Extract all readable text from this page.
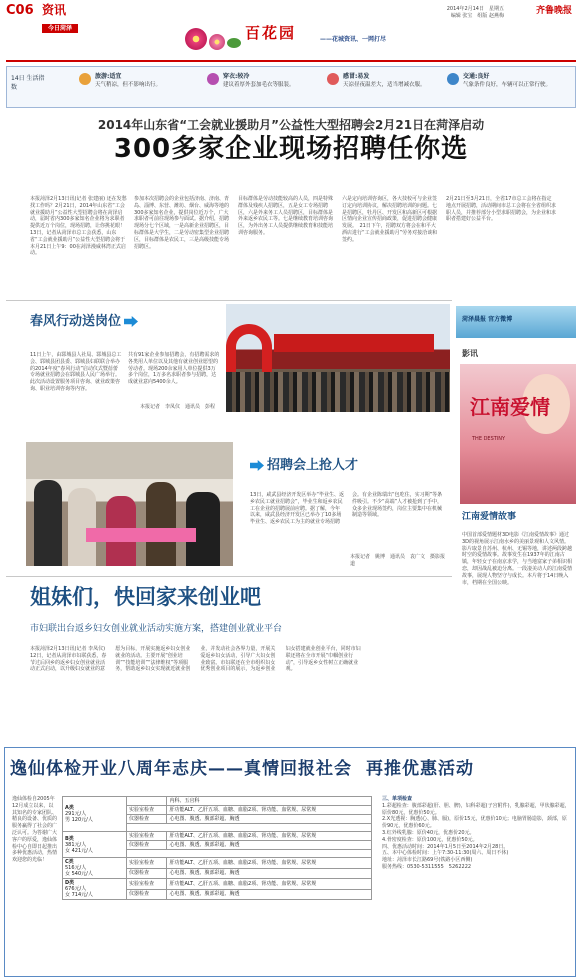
C06 资讯
今日菏泽
2014年2月14日　星期五
编辑 张宝　组版 赵燕梅	齐鲁晚报
百花园	——花城资讯、一网打尽
14日 生活指数
旅游:适宜
天气稍凉，但不影响出行。
穿衣:较冷
建议着厚外套加毛衣等服装。
感冒:易发
天凉昼夜温差大，适当增减衣服。
交通:良好
气象条件良好，车辆可以正常行驶。
2014年山东省“工会就业援助月”公益性大型招聘会2月21日在菏泽启动
300多家企业现场招聘任你选
本报菏泽2月13日讯(记者 张建丽) 还在发愁找工作吗？2月21日，2014年山东省“工会就业援助月”公益性大型招聘会将在菏泽启动，届时省内300多家知名企业将为求职者提供近万个岗位，现场招聘，让你挑花眼！　13日，记者从菏泽市总工会获悉，山东省“工会就业援助月”公益性大型招聘会将于本月21日上午9：00在菏泽漫威林湾正式启动。
参加本次招聘会的企业包括济南、济南、青岛、淄博、东营、潍坊、烟台、威海等地的300多家知名企业，提供岗位近万个，广大求职者可前往现场参与面试。据介绍，招聘现场分七个区域，一是高新企业招聘区，目标群体是大学生，二是劳动密集型企业招聘区，目标群体是农民工，三是高级技能专场招聘区。
目标群体是劳动技能较高的人员，四是特殊群体及残疾人招聘区，五是女工专场招聘区，六是外来务工人员招聘区，目标群体是外来返乡农民工等。七是继续教育培训咨询区，为外出务工人员提供继续教育和技能培训咨询服务。
六是定向培训咨询区，各大技校可与企业签订定向培训协议，解决招聘培训的问题。七是招聘区，牡丹区、开发区和高新区可根据区情向企业宣传招商政策，促进招聘会健康发展。　21日下午，招聘双方将会在和平大酒店进行“工会就业援助月”劳务对接洽谈和签约。
2月21日至3月21日，全省17市总工会将在指定地点开展招聘，活动期间市总工会将在全省组织求职人员，并推荐部分小型求职招聘会，为企业和求职者搭建好公益平台。
春风行动送岗位
11日上午，由郓城县人社局、郓城县总工会、郓城县团县委、郓城县妇联联合举办的2014年度“春风行动”启动仪式暨蓓蕾专场就业招聘会在郓城县人民广场举行。此次活动设置服务项目咨询、就业政策咨询、职业培训咨询等内容。
共有91家企业参加招聘会，有招聘需求的各类用人单位以及其他有就业创业愿望的劳动者。现场200余家用人单位提供3万多个岗位，1万多名求职者参与招聘，达成就业意向5400余人。
本报记者　李凤仪　通讯员　彭程
菏泽晨报 官方微博
招聘会上抢人才
13日，咸武县经济开发区举办“毕业生、返乡农民工就业招聘会”，毕业生和返乡农民工在企业的招聘展前应聘。据了解，今年以来，咸武县经济开发区已举办了10多场毕业生、返乡农民工为主的就业专场招聘会。有企业陈瑞出“包吃住，实习期”等条件吸引。不少“高端”人才被抢到了手中，众多企业现场签约，岗位主要集中在机械制造等领域。
本报记者　姚博　通讯员　袁广文　摄影报道
影讯
江南爱情
THE DESTINY
江南爱情故事
中国首部爱情题材3D电影《江南爱情故事》通过3D的视角展示江南水乡的美丽景观和人文风情。影片取景自苏州、杭州、无锡等地，讲述两段跨越时空的爱情故事。故事发生在1937年的江南古镇，年轻女子在南京求学，与当地富家子弟相识相恋，却因战乱被迫分离。一段凄美动人的江南爱情故事，展现人物坚守与成长。本片将于14日晚入市，档期在全国公映。
姐妹们，快回家来创业吧
市妇联出台返乡妇女创业就业活动实施方案，搭建创业就业平台
本报菏泽2月13日讯(记者 李凤仪) 12日，记者从菏泽市妇联获悉，春节过后回乡的返乡妇女创业就业活动正式启动，以升级妇女就业的意愿为目标，开展实施返乡妇女创业就业的活动。主要开展“创业培训”“技能培训”“法律维权”等项服务，帮助返乡妇女实现就近就业创业，并发动社会各界力量，开展关爱返乡妇女活动，引导广大妇女创业致富。市妇联还在全市组织妇女优秀创业项目的展示，为返乡创业妇女搭建就业创业平台，同时市妇联还将在全市开展“巾帼创业行动”，引导返乡女性树立正确就业观。
逸仙体检开业八周年志庆——真情回报社会 再推优惠活动
逸仙体检自2005年12月成立以来，以其知名的专家团队、精良的设备、优质的服务赢得了社会的广泛认可。为答谢广大客户的厚爱，逸仙体检中心自即日起推出多种优惠活动，热情欢迎您的光临！
A类
291元/人
男 120元/人		内科、五官科
	实验室检查	肝功能ALT、乙肝五项、血糖、血脂2项、肾功能、血常规、尿常规
	仪器检查	心电图、腹透、腹部彩超、胸透

B类
381元/人
女 421元/人	实验室检查	肝功能ALT、乙肝五项、血糖、血脂2项、肾功能、血常规、尿常规
	仪器检查	心电图、腹透、腹部彩超、胸透

C类
516元/人
女 540元/人	实验室检查	肝功能ALT、乙肝五项、血糖、血脂2项、肾功能、血常规、尿常规
	仪器检查	心电图、腹透、腹部彩超、胸透
D类
676元/人
女 714元/人	实验室检查	肝功能ALT、乙肝五项、血糖、血脂2项、肾功能、血常规、尿常规
	仪器检查	心电图、腹透、腹部彩超、胸透
三、单项检查
1.彩超检查：腹部彩超(肝、胆、脾)，妇科彩超(子宫附件)，乳腺彩超，甲状腺彩超，原价80元，优惠价50元。
2.X光透视：胸透(心、肺、膈)，原价15元，优惠价10元；电脑胃肠造影，颈部，原价90元，优惠价60元。
3.红外线乳腺：原价40元，优惠价20元。
4.骨密度检查：原价100元，优惠价50元。
四、优惠活动时间：2014年1月5日至2014年2月28日。
五、本中心体检时间：上午7:30-11:30(周六、周日不休)
地址：菏泽市长江路69号(铁路小区西侧)
服务热线：0530-5311555　5262222
